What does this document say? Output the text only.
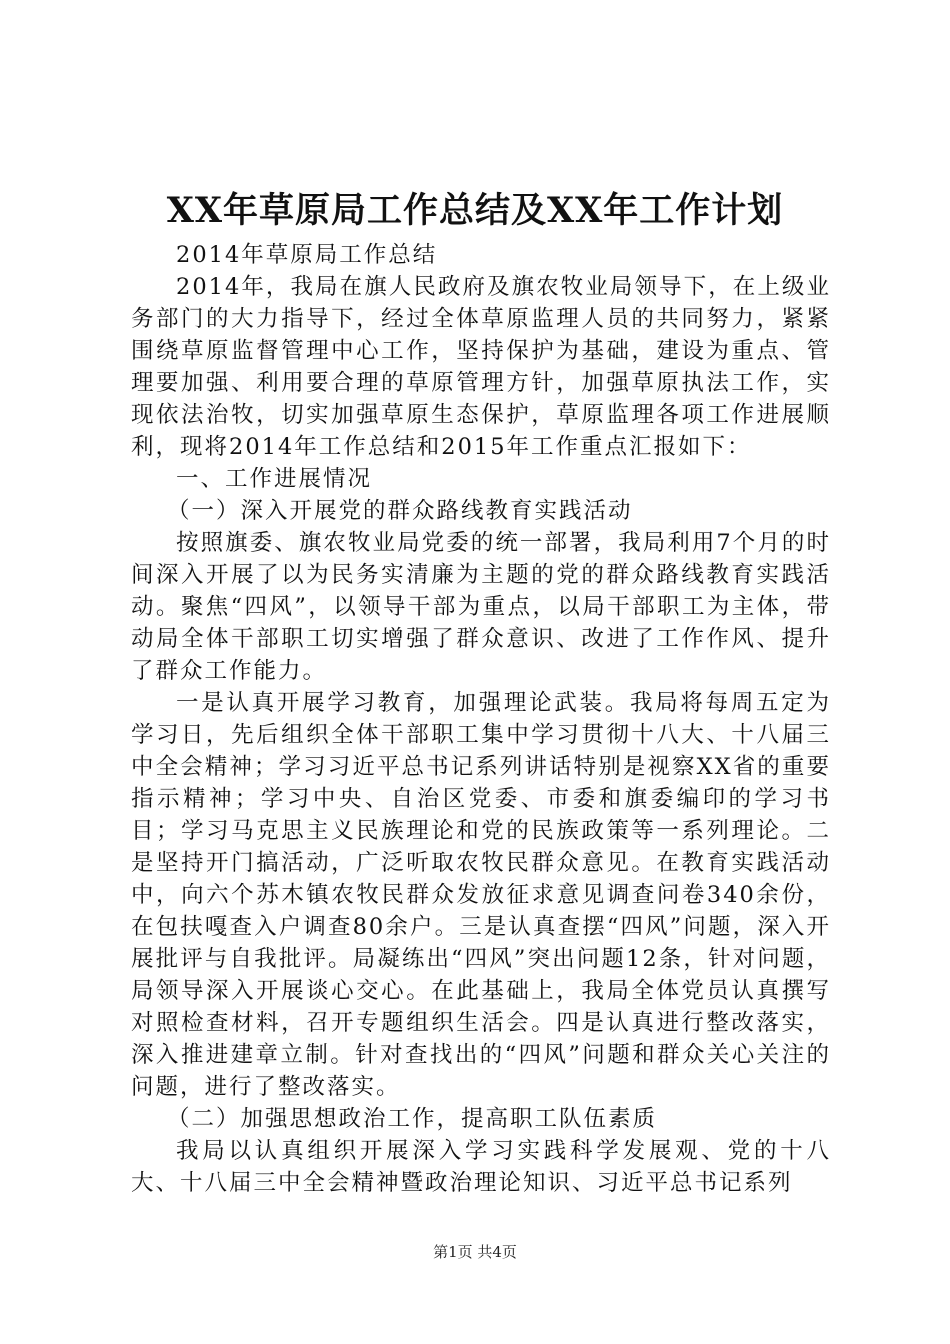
XX年草原局工作总结及XX年工作计划

2014年草原局工作总结

2014年，我局在旗人民政府及旗农牧业局领导下，在上级业务部门的大力指导下，经过全体草原监理人员的共同努力，紧紧围绕草原监督管理中心工作，坚持保护为基础，建设为重点、管理要加强、利用要合理的草原管理方针，加强草原执法工作，实现依法治牧，切实加强草原生态保护，草原监理各项工作进展顺利，现将2014年工作总结和2015年工作重点汇报如下：

一、工作进展情况

（一）深入开展党的群众路线教育实践活动

按照旗委、旗农牧业局党委的统一部署，我局利用7个月的时间深入开展了以为民务实清廉为主题的党的群众路线教育实践活动。聚焦“四风”，以领导干部为重点，以局干部职工为主体，带动局全体干部职工切实增强了群众意识、改进了工作作风、提升了群众工作能力。

一是认真开展学习教育，加强理论武装。我局将每周五定为学习日，先后组织全体干部职工集中学习贯彻十八大、十八届三中全会精神；学习习近平总书记系列讲话特别是视察XX省的重要指示精神；学习中央、自治区党委、市委和旗委编印的学习书目；学习马克思主义民族理论和党的民族政策等一系列理论。二是坚持开门搞活动，广泛听取农牧民群众意见。在教育实践活动中，向六个苏木镇农牧民群众发放征求意见调查问卷340余份，在包扶嘎查入户调查80余户。三是认真查摆“四风”问题，深入开展批评与自我批评。局凝练出“四风”突出问题12条，针对问题，局领导深入开展谈心交心。在此基础上，我局全体党员认真撰写对照检查材料，召开专题组织生活会。四是认真进行整改落实，深入推进建章立制。针对查找出的“四风”问题和群众关心关注的问题，进行了整改落实。

（二）加强思想政治工作，提高职工队伍素质

我局以认真组织开展深入学习实践科学发展观、党的十八大、十八届三中全会精神暨政治理论知识、习近平总书记系列

第1页 共4页
